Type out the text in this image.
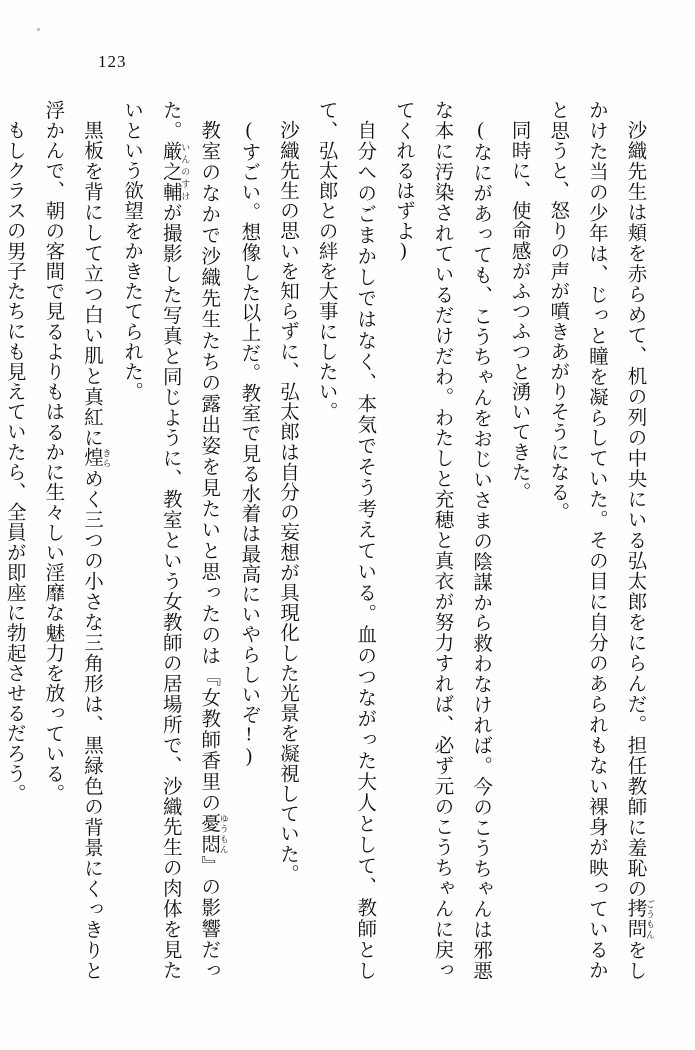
123

沙織先生は頬を赤らめて、机の列の中央にいる弘太郎をにらんだ。担任教師に羞恥の拷問 ごうもんをしかけた当の少年は、じっと瞳を凝らしていた。その目に自分のあられもない裸身が映っているかと思うと、怒りの声が噴きあがりそうになる。

同時に、使命感がふつふつと湧いてきた。

(なにがあっても、こうちゃんをおじいさまの陰謀から救わなければ。今のこうちゃんは邪悪な本に汚染されているだけだわ。わたしと充穂と真衣が努力すれば、必ず元のこうちゃんに戻ってくれるはずよ)

自分へのごまかしではなく、本気でそう考えている。血のつながった大人として、教師として、弘太郎との絆を大事にしたい。

沙織先生の思いを知らずに、弘太郎は自分の妄想が具現化した光景を凝視していた。

(すごい。想像した以上だ。教室で見る水着は最高にいやらしいぞ!)

教室のなかで沙織先生たちの露出姿を見たいと思ったのは『女教師香里の憂悶 ゆうもん』の影響だった。厳之輔 いんのすけが撮影した写真と同じように、教室という女教師の居場所で、沙織先生の肉体を見たいという欲望をかきたてられた。

黒板を背にして立つ白い肌と真紅に煌 きらめく三つの小さな三角形は、黒緑色の背景にくっきりと浮かんで、朝の客間で見るよりもはるかに生々しい淫靡な魅力を放っている。

もしクラスの男子たちにも見えていたら、全員が即座に勃起させるだろう。
